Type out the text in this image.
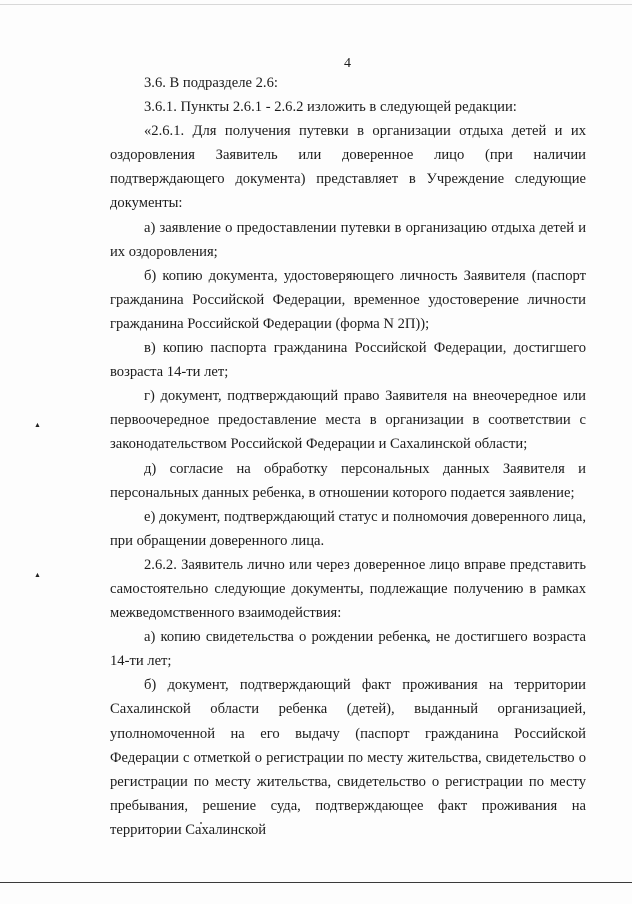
4
▲
▲

3.6. В подразделе 2.6:

3.6.1. Пункты 2.6.1 - 2.6.2 изложить в следующей редакции:

«2.6.1. Для получения путевки в организации отдыха детей и их оздоровления Заявитель или доверенное лицо (при наличии подтверждающего документа) представляет в Учреждение следующие документы:

а) заявление о предоставлении путевки в организацию отдыха детей и их оздоровления;

б) копию документа, удостоверяющего личность Заявителя (паспорт гражданина Российской Федерации, временное удостоверение личности гражданина Российской Федерации (форма N 2П));

в) копию паспорта гражданина Российской Федерации, достигшего возраста 14-ти лет;

г) документ, подтверждающий право Заявителя на внеочередное или первоочередное предоставление места в организации в соответствии с законодательством Российской Федерации и Сахалинской области;

д) согласие на обработку персональных данных Заявителя и персональных данных ребенка, в отношении которого подается заявление;

е) документ, подтверждающий статус и полномочия доверенного лица, при обращении доверенного лица.

2.6.2. Заявитель лично или через доверенное лицо вправе представить самостоятельно следующие документы, подлежащие получению в рамках межведомственного взаимодействия:

а) копию свидетельства о рождении ребенка, не достигшего возраста 14-ти лет;

б) документ, подтверждающий факт проживания на территории Сахалинской области ребенка (детей), выданный организацией, уполномоченной на его выдачу (паспорт гражданина Российской Федерации с отметкой о регистрации по месту жительства, свидетельство о регистрации по месту жительства, свидетельство о регистрации по месту пребывания, решение суда, подтверждающее факт проживания на территории Сахалинской
